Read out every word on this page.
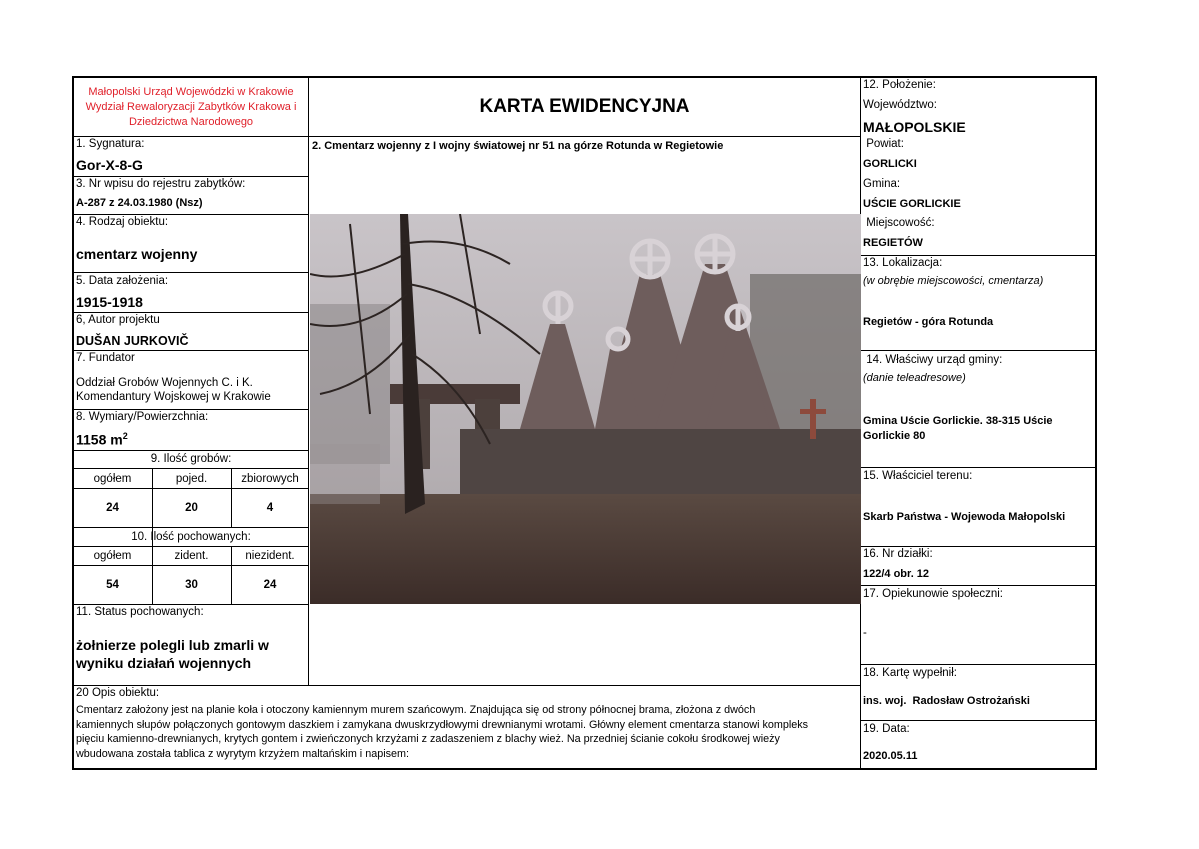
Małopolski Urząd Wojewódzki w Krakowie
Wydział Rewaloryzacji Zabytków Krakowa i
Dziedzictwa Narodowego
KARTA EWIDENCYJNA
2. Cmentarz wojenny z I wojny światowej nr 51 na górze Rotunda w Regietowie
1. Sygnatura:
Gor-X-8-G
3. Nr wpisu do rejestru zabytków:
A-287 z 24.03.1980 (Nsz)
4. Rodzaj obiektu:
cmentarz wojenny
5. Data założenia:
1915-1918
6, Autor projektu
DUŠAN JURKOVIČ
7. Fundator
Oddział Grobów Wojennych C. i K.
Komendantury Wojskowej w Krakowie
8. Wymiary/Powierzchnia:
1158 $m^2$
9. Ilość grobów:
ogółem	pojed.	zbiorowych
24	20	4
10. Ilość pochowanych:
ogółem	zident.	niezident.
54	30	24
11. Status pochowanych:
żołnierze polegli lub zmarli w
wyniku działań wojennych
20 Opis obiektu:
Cmentarz założony jest na planie koła i otoczony kamiennym murem szańcowym. Znajdująca się od strony północnej brama, złożona z dwóch
kamiennych słupów połączonych gontowym daszkiem i zamykana dwuskrzydłowymi drewnianymi wrotami. Główny element cmentarza stanowi kompleks
pięciu kamienno-drewnianych, krytych gontem i zwieńczonych krzyżami z zadaszeniem z blachy wież. Na przedniej ścianie cokołu środkowej wieży
wbudowana została tablica z wyrytym krzyżem maltańskim i napisem:
12. Położenie:
Województwo:
MAŁOPOLSKIE
Powiat:
GORLICKI
Gmina:
UŚCIE GORLICKIE
Miejscowość:
REGIETÓW
13. Lokalizacja:
(w obrębie miejscowości, cmentarza)
Regietów - góra Rotunda
14. Właściwy urząd gminy:
(danie teleadresowe)
Gmina Uście Gorlickie. 38-315 Uście
Gorlickie 80
15. Właściciel terenu:
Skarb Państwa - Wojewoda Małopolski
16. Nr działki:
122/4 obr. 12
17. Opiekunowie społeczni:
-
18. Kartę wypełnił:
ins. woj.  Radosław Ostrożański
19. Data:
2020.05.11
